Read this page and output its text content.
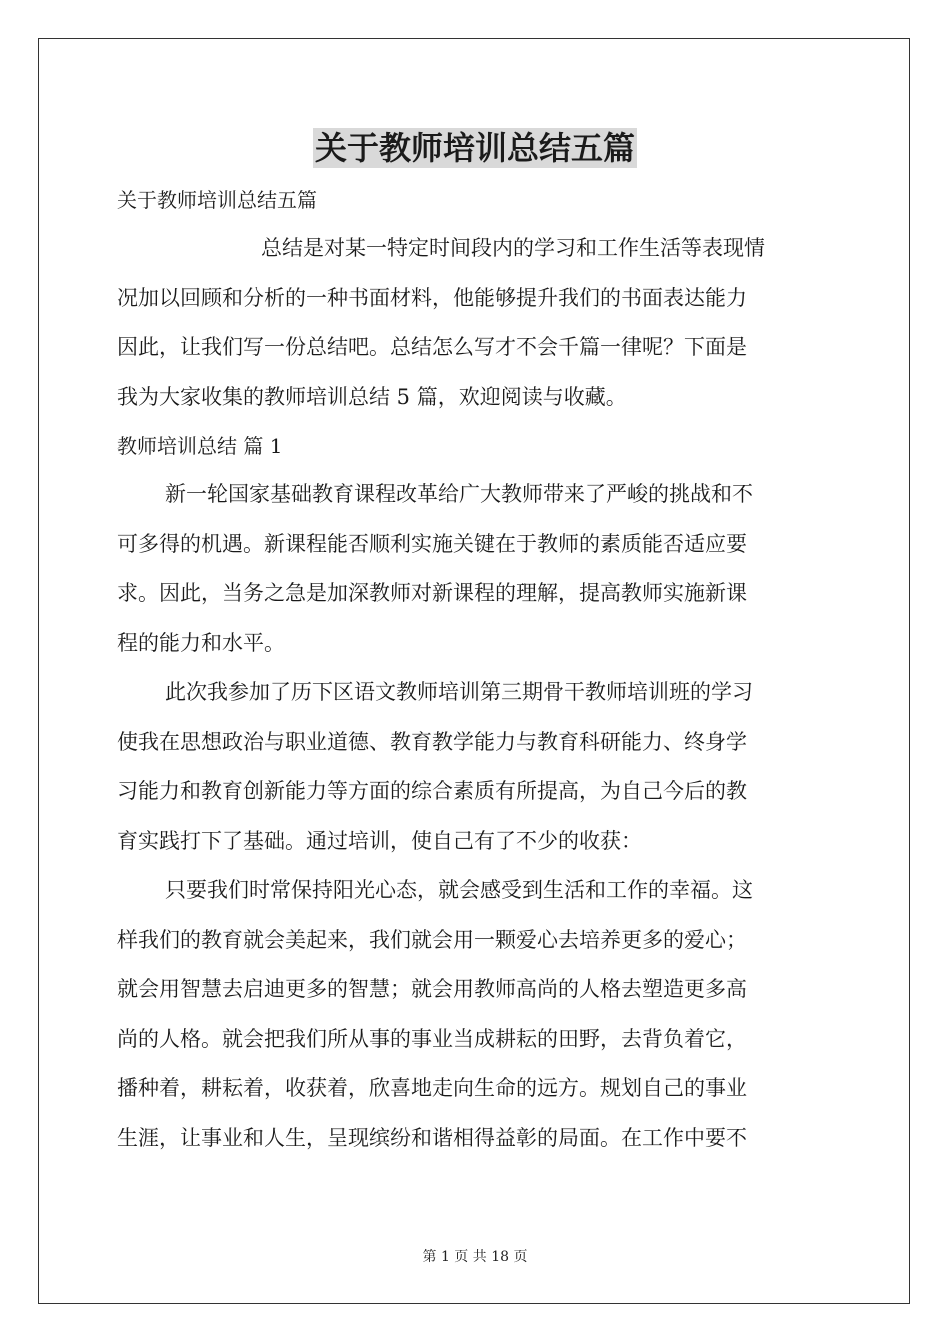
关于教师培训总结五篇
关于教师培训总结五篇
总结是对某一特定时间段内的学习和工作生活等表现情
况加以回顾和分析的一种书面材料，他能够提升我们的书面表达能力
因此，让我们写一份总结吧。总结怎么写才不会千篇一律呢？下面是
我为大家收集的教师培训总结 5 篇，欢迎阅读与收藏。
教师培训总结 篇 1
新一轮国家基础教育课程改革给广大教师带来了严峻的挑战和不
可多得的机遇。新课程能否顺利实施关键在于教师的素质能否适应要
求。因此，当务之急是加深教师对新课程的理解，提高教师实施新课
程的能力和水平。
此次我参加了历下区语文教师培训第三期骨干教师培训班的学习
使我在思想政治与职业道德、教育教学能力与教育科研能力、终身学
习能力和教育创新能力等方面的综合素质有所提高，为自己今后的教
育实践打下了基础。通过培训，使自己有了不少的收获：
只要我们时常保持阳光心态，就会感受到生活和工作的幸福。这
样我们的教育就会美起来，我们就会用一颗爱心去培养更多的爱心；
就会用智慧去启迪更多的智慧；就会用教师高尚的人格去塑造更多高
尚的人格。就会把我们所从事的事业当成耕耘的田野，去背负着它，
播种着，耕耘着，收获着，欣喜地走向生命的远方。规划自己的事业
生涯，让事业和人生，呈现缤纷和谐相得益彰的局面。在工作中要不
第 1 页 共 18 页
